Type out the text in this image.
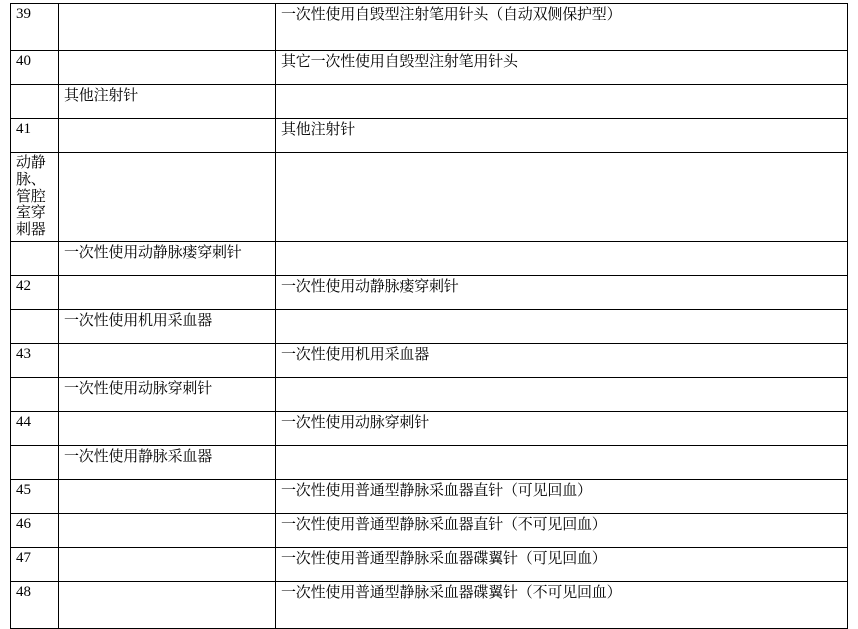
39		一次性使用自毁型注射笔用针头（自动双侧保护型）
40		其它一次性使用自毁型注射笔用针头
	其他注射针	
41		其他注射针
动静脉、管腔室穿刺器		
	一次性使用动静脉瘘穿刺针	
42		一次性使用动静脉瘘穿刺针
	一次性使用机用采血器	
43		一次性使用机用采血器
	一次性使用动脉穿刺针	
44		一次性使用动脉穿刺针
	一次性使用静脉采血器	
45		一次性使用普通型静脉采血器直针（可见回血）
46		一次性使用普通型静脉采血器直针（不可见回血）
47		一次性使用普通型静脉采血器碟翼针（可见回血）
48		一次性使用普通型静脉采血器碟翼针（不可见回血）
